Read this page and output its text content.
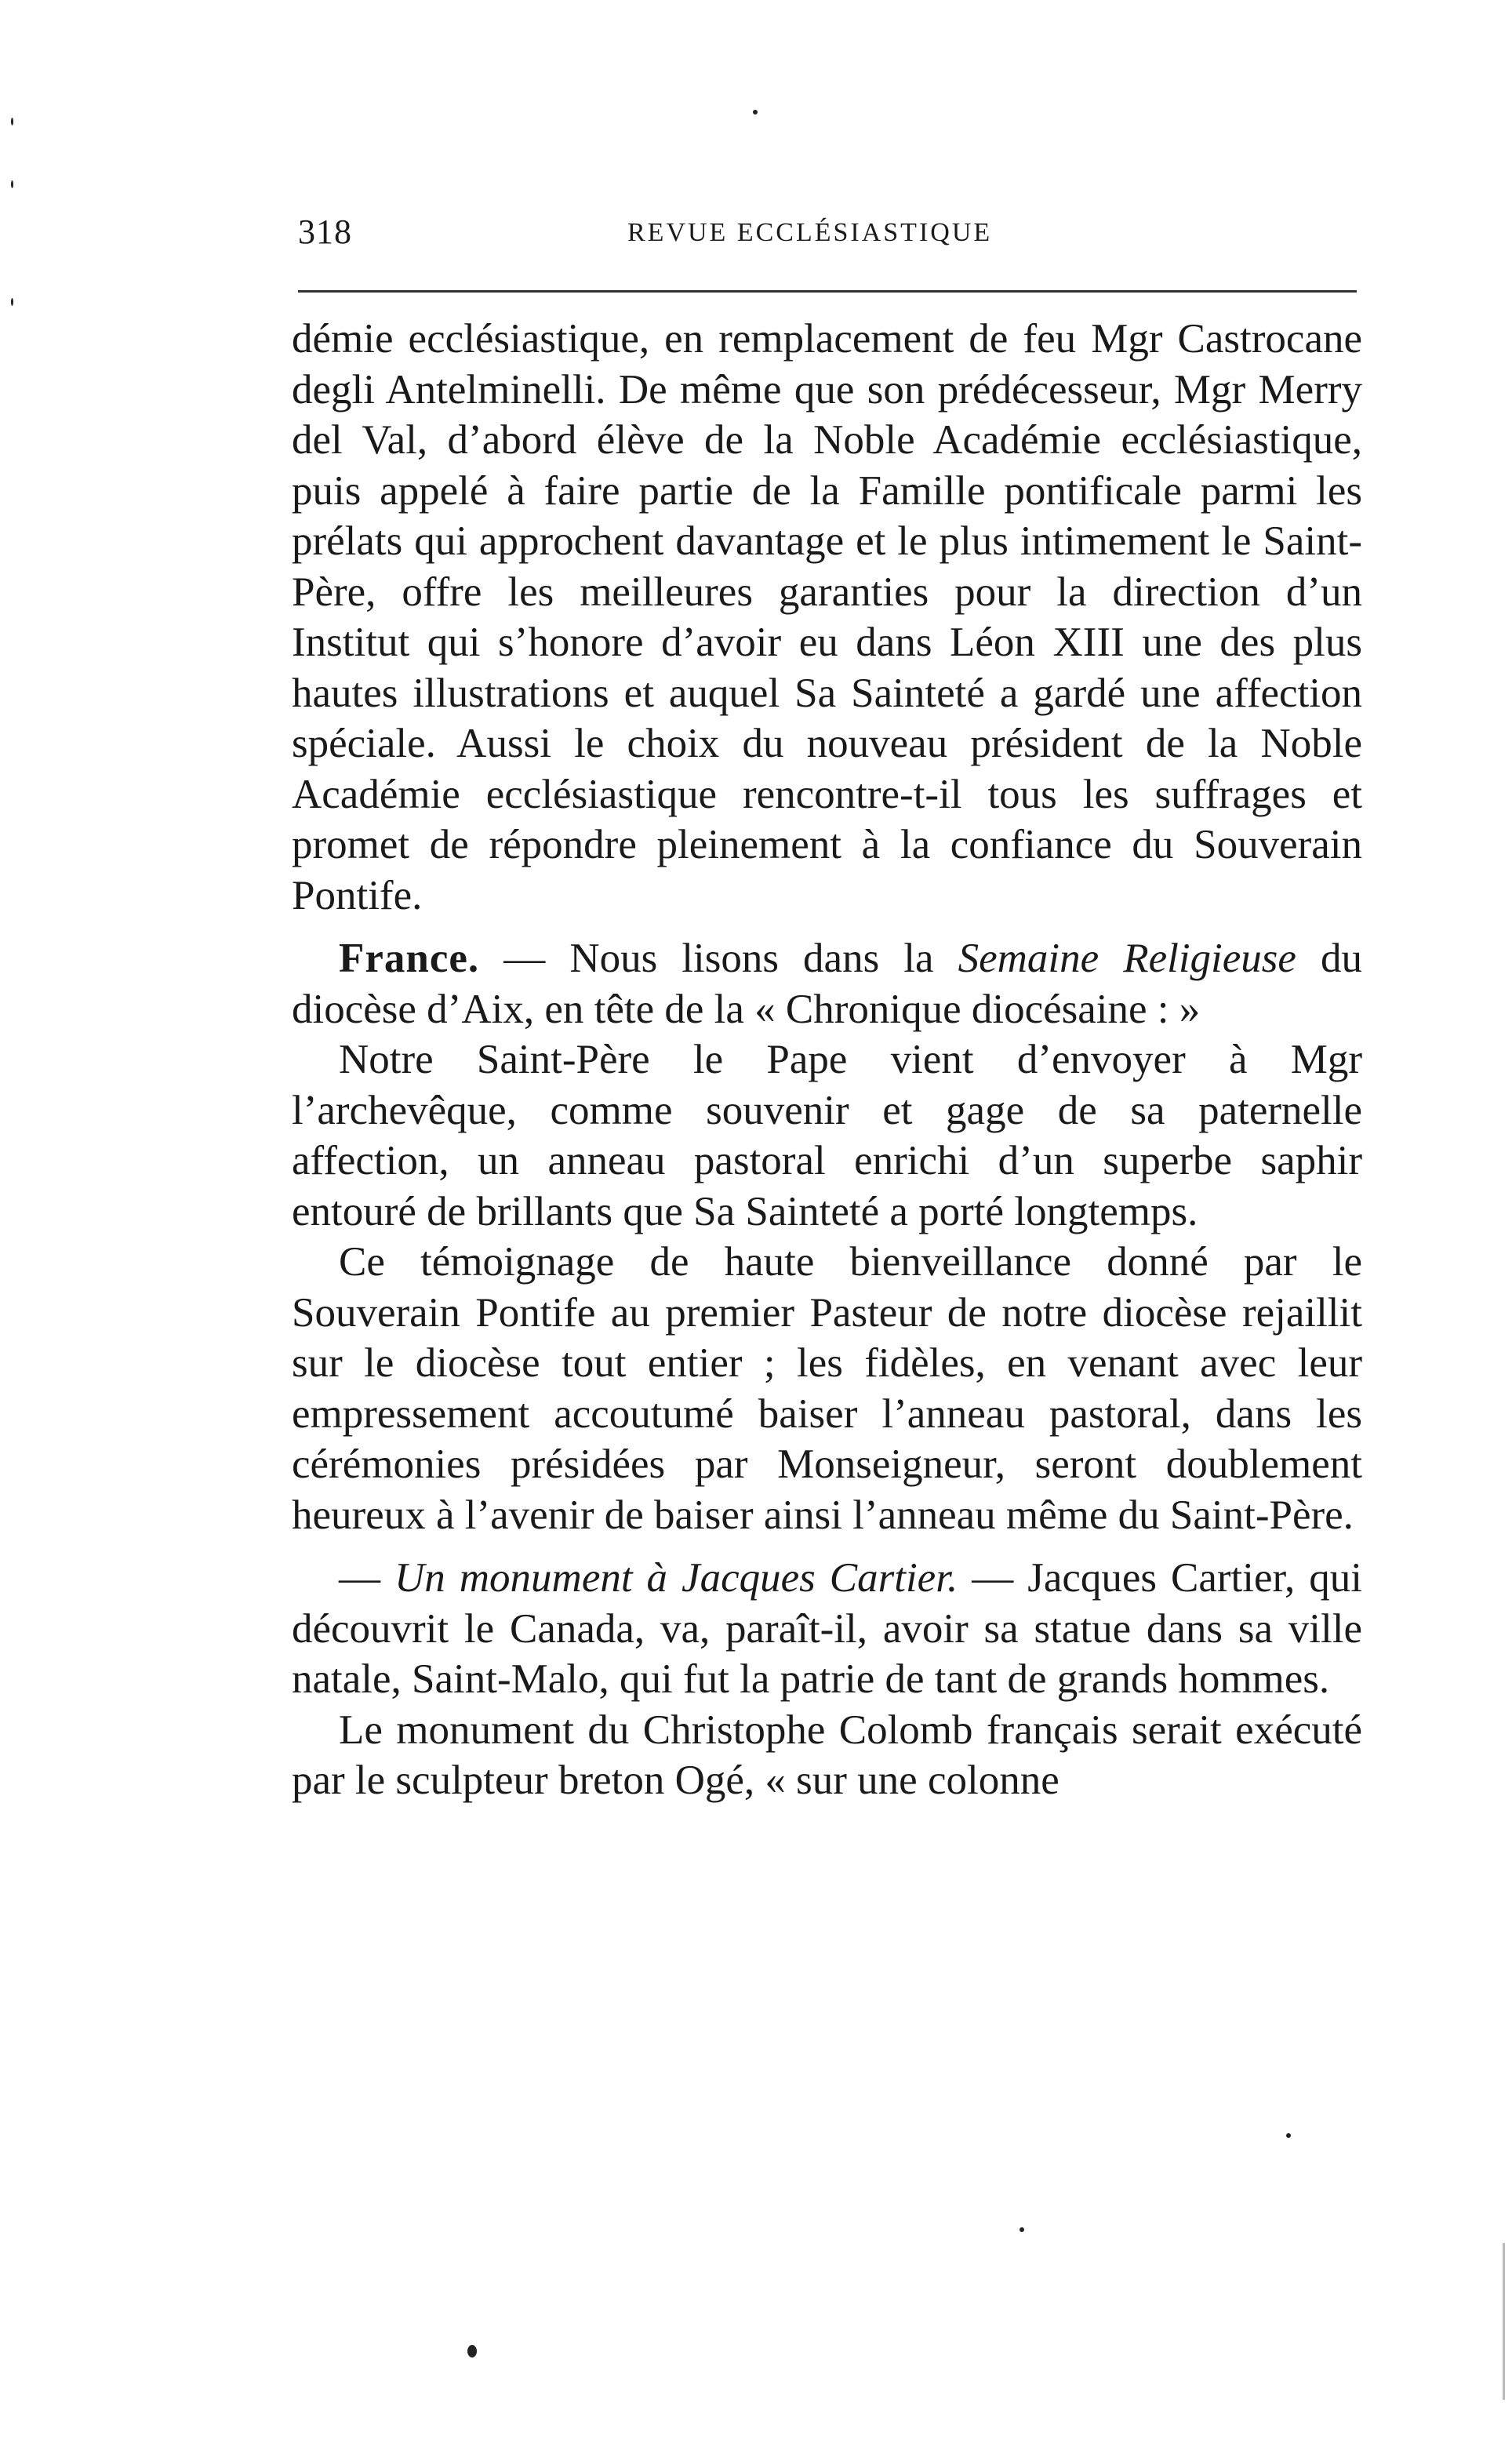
318	REVUE ECCLÉSIASTIQUE

démie ecclésiastique, en remplacement de feu Mgr Castrocane degli Antelminelli. De même que son prédécesseur, Mgr Merry del Val, d’abord élève de la Noble Académie ecclésiastique, puis appelé à faire partie de la Famille pontificale parmi les prélats qui approchent davantage et le plus intimement le Saint-Père, offre les meilleures garanties pour la direction d’un Institut qui s’honore d’avoir eu dans Léon XIII une des plus hautes illustrations et auquel Sa Sainteté a gardé une affection spéciale. Aussi le choix du nouveau président de la Noble Académie ecclésiastique rencontre-t-il tous les suffrages et promet de répondre pleinement à la confiance du Souverain Pontife.

France. — Nous lisons dans la Semaine Religieuse du diocèse d’Aix, en tête de la « Chronique diocésaine : »

Notre Saint-Père le Pape vient d’envoyer à Mgr l’archevêque, comme souvenir et gage de sa paternelle affection, un anneau pastoral enrichi d’un superbe saphir entouré de brillants que Sa Sainteté a porté longtemps.

Ce témoignage de haute bienveillance donné par le Souverain Pontife au premier Pasteur de notre diocèse rejaillit sur le diocèse tout entier ; les fidèles, en venant avec leur empressement accoutumé baiser l’anneau pastoral, dans les cérémonies présidées par Monseigneur, seront doublement heureux à l’avenir de baiser ainsi l’anneau même du Saint-Père.

— Un monument à Jacques Cartier. — Jacques Cartier, qui découvrit le Canada, va, paraît-il, avoir sa statue dans sa ville natale, Saint-Malo, qui fut la patrie de tant de grands hommes.

Le monument du Christophe Colomb français serait exécuté par le sculpteur breton Ogé, « sur une colonne
